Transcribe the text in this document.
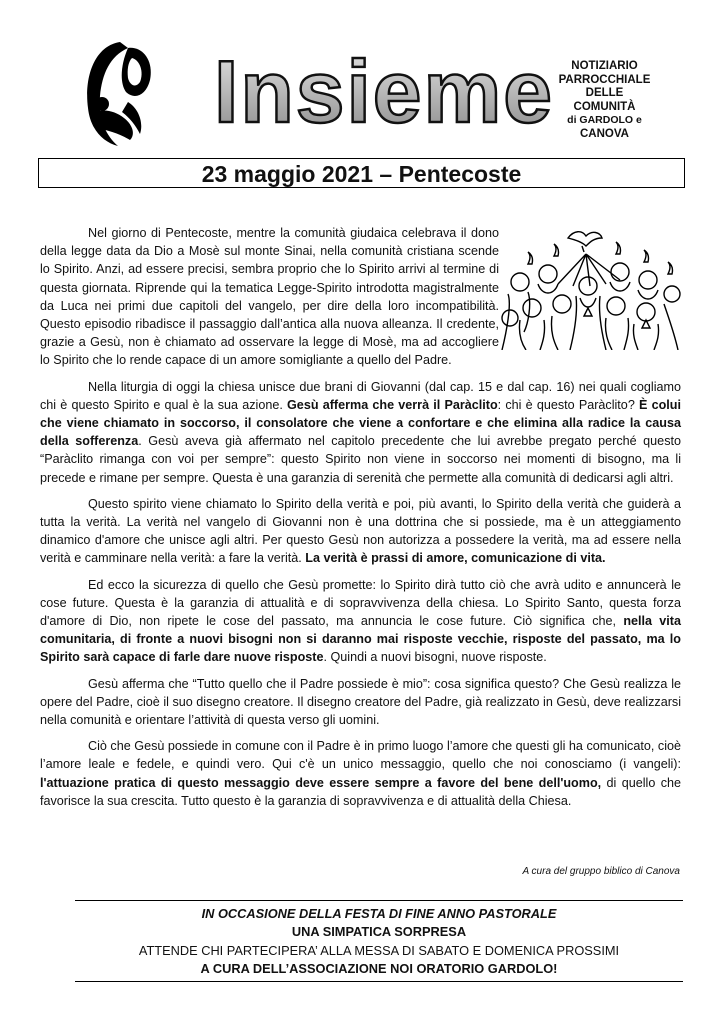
Insieme	NOTIZIARIO
PARROCCHIALE
DELLE COMUNITÀ
di GARDOLO e
CANOVA
23 maggio 2021 – Pentecoste

Nel giorno di Pentecoste, mentre la comunità giudaica celebrava il dono della legge data da Dio a Mosè sul monte Sinai, nella comunità cristiana scende lo Spirito. Anzi, ad essere precisi, sembra proprio che lo Spirito arrivi al termine di questa giornata. Riprende qui la tematica Legge-Spirito introdotta magistralmente da Luca nei primi due capitoli del vangelo, per dire della loro incompatibilità. Questo episodio ribadisce il passaggio dall’antica alla nuova alleanza. Il credente, grazie a Gesù, non è chiamato ad osservare la legge di Mosè, ma ad accogliere lo Spirito che lo rende capace di un amore somigliante a quello del Padre.

Nella liturgia di oggi la chiesa unisce due brani di Giovanni (dal cap. 15 e dal cap. 16) nei quali cogliamo chi è questo Spirito e qual è la sua azione. Gesù afferma che verrà il Paràclito: chi è questo Paràclito? È colui che viene chiamato in soccorso, il consolatore che viene a confortare e che elimina alla radice la causa della sofferenza. Gesù aveva già affermato nel capitolo precedente che lui avrebbe pregato perché questo “Paràclito rimanga con voi per sempre”: questo Spirito non viene in soccorso nei momenti di bisogno, ma li precede e rimane per sempre. Questa è una garanzia di serenità che permette alla comunità di dedicarsi agli altri.

Questo spirito viene chiamato lo Spirito della verità e poi, più avanti, lo Spirito della verità che guiderà a tutta la verità. La verità nel vangelo di Giovanni non è una dottrina che si possiede, ma è un atteggiamento dinamico d'amore che unisce agli altri. Per questo Gesù non autorizza a possedere la verità, ma ad essere nella verità e camminare nella verità: a fare la verità. La verità è prassi di amore, comunicazione di vita.

Ed ecco la sicurezza di quello che Gesù promette: lo Spirito dirà tutto ciò che avrà udito e annuncerà le cose future. Questa è la garanzia di attualità e di sopravvivenza della chiesa. Lo Spirito Santo, questa forza d'amore di Dio, non ripete le cose del passato, ma annuncia le cose future. Ciò significa che, nella vita comunitaria, di fronte a nuovi bisogni non si daranno mai risposte vecchie, risposte del passato, ma lo Spirito sarà capace di farle dare nuove risposte. Quindi a nuovi bisogni, nuove risposte.

Gesù afferma che “Tutto quello che il Padre possiede è mio”: cosa significa questo? Che Gesù realizza le opere del Padre, cioè il suo disegno creatore. Il disegno creatore del Padre, già realizzato in Gesù, deve realizzarsi nella comunità e orientare l’attività di questa verso gli uomini.

Ciò che Gesù possiede in comune con il Padre è in primo luogo l’amore che questi gli ha comunicato, cioè l’amore leale e fedele, e quindi vero. Qui c'è un unico messaggio, quello che noi conosciamo (i vangeli): l'attuazione pratica di questo messaggio deve essere sempre a favore del bene dell'uomo, di quello che favorisce la sua crescita. Tutto questo è la garanzia di sopravvivenza e di attualità della Chiesa.

A cura del gruppo biblico di Canova
IN OCCASIONE DELLA FESTA DI FINE ANNO PASTORALE
UNA SIMPATICA SORPRESA
ATTENDE CHI PARTECIPERA’ ALLA MESSA DI SABATO E DOMENICA PROSSIMI
A CURA DELL’ASSOCIAZIONE NOI ORATORIO GARDOLO!
